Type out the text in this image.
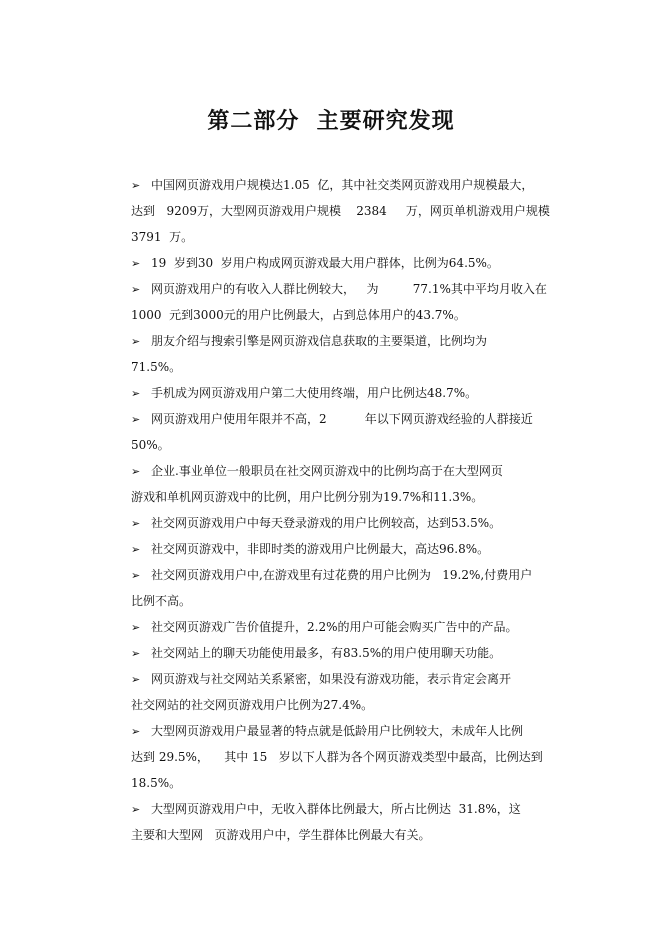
第二部分  主要研究发现
➢ 中国网页游戏用户规模达1.05  亿，其中社交类网页游戏用户规模最大，
达到   9209万，大型网页游戏用户规模    2384     万，网页单机游戏用户规模
3791  万。
➢ 19  岁到30  岁用户构成网页游戏最大用户群体，比例为64.5%。
➢ 网页游戏用户的有收入人群比例较大，   为         77.1%其中平均月收入在
1000  元到3000元的用户比例最大，占到总体用户的43.7%。
➢ 朋友介绍与搜索引擎是网页游戏信息获取的主要渠道，比例均为
71.5%。
➢ 手机成为网页游戏用户第二大使用终端，用户比例达48.7%。
➢ 网页游戏用户使用年限并不高，2          年以下网页游戏经验的人群接近
50%。
➢ 企业.事业单位一般职员在社交网页游戏中的比例均高于在大型网页
游戏和单机网页游戏中的比例，用户比例分别为19.7%和11.3%。
➢ 社交网页游戏用户中每天登录游戏的用户比例较高，达到53.5%。
➢ 社交网页游戏中，非即时类的游戏用户比例最大，高达96.8%。
➢ 社交网页游戏用户中,在游戏里有过花费的用户比例为   19.2%,付费用户
比例不高。
➢ 社交网页游戏广告价值提升，2.2%的用户可能会购买广告中的产品。
➢ 社交网站上的聊天功能使用最多，有83.5%的用户使用聊天功能。
➢ 网页游戏与社交网站关系紧密，如果没有游戏功能，表示肯定会离开
社交网站的社交网页游戏用户比例为27.4%。
➢ 大型网页游戏用户最显著的特点就是低龄用户比例较大，未成年人比例
达到 29.5%，    其中 15   岁以下人群为各个网页游戏类型中最高，比例达到
18.5%。
➢ 大型网页游戏用户中，无收入群体比例最大，所占比例达  31.8%，这
主要和大型网   页游戏用户中，学生群体比例最大有关。
